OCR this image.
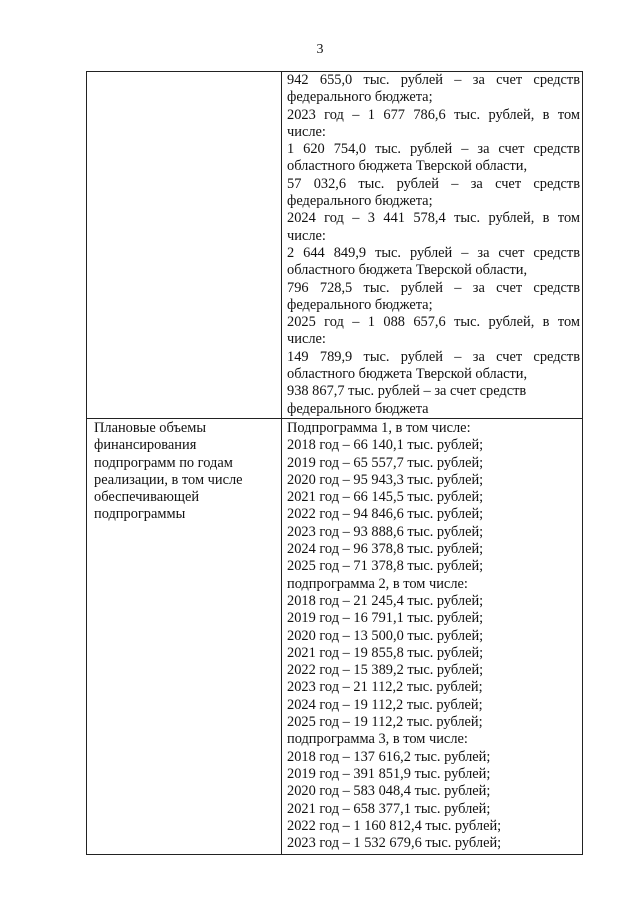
3
942 655,0 тыс. рублей – за счет средств
федерального бюджета;
2023 год – 1 677 786,6 тыс. рублей, в том
числе:
1 620 754,0 тыс. рублей – за счет средств
областного бюджета Тверской области,
57 032,6 тыс. рублей – за счет средств
федерального бюджета;
2024 год – 3 441 578,4 тыс. рублей, в том
числе:
2 644 849,9 тыс. рублей – за счет средств
областного бюджета Тверской области,
796 728,5 тыс. рублей – за счет средств
федерального бюджета;
2025 год – 1 088 657,6 тыс. рублей, в том
числе:
149 789,9 тыс. рублей – за счет средств
областного бюджета Тверской области,
938 867,7 тыс. рублей – за счет средств
федерального бюджета
Плановые объемы
финансирования
подпрограмм по годам
реализации, в том числе
обеспечивающей
подпрограммы
Подпрограмма 1, в том числе:
2018 год – 66 140,1 тыс. рублей;
2019 год – 65 557,7 тыс. рублей;
2020 год – 95 943,3 тыс. рублей;
2021 год – 66 145,5 тыс. рублей;
2022 год – 94 846,6 тыс. рублей;
2023 год – 93 888,6 тыс. рублей;
2024 год – 96 378,8 тыс. рублей;
2025 год – 71 378,8 тыс. рублей;
подпрограмма 2, в том числе:
2018 год – 21 245,4 тыс. рублей;
2019 год – 16 791,1 тыс. рублей;
2020 год – 13 500,0 тыс. рублей;
2021 год – 19 855,8 тыс. рублей;
2022 год – 15 389,2 тыс. рублей;
2023 год – 21 112,2 тыс. рублей;
2024 год – 19 112,2 тыс. рублей;
2025 год – 19 112,2 тыс. рублей;
подпрограмма 3, в том числе:
2018 год – 137 616,2 тыс. рублей;
2019 год – 391 851,9 тыс. рублей;
2020 год – 583 048,4 тыс. рублей;
2021 год – 658 377,1 тыс. рублей;
2022 год – 1 160 812,4 тыс. рублей;
2023 год – 1 532 679,6 тыс. рублей;
